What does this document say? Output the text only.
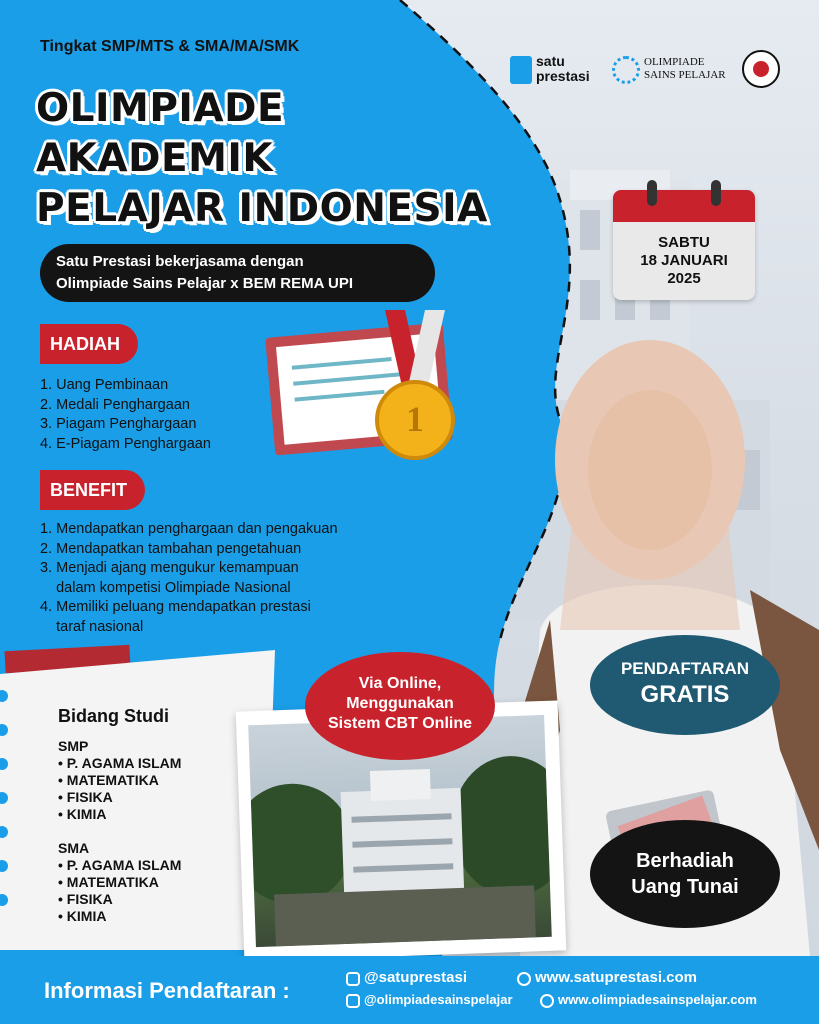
Tingkat SMP/MTS & SMA/MA/SMK
OLIMPIADE
AKADEMIK
PELAJAR INDONESIA
satu
prestasi
OLIMPIADE
SAINS PELAJAR
Satu Prestasi bekerjasama dengan
Olimpiade Sains Pelajar x BEM REMA UPI
SABTU
18 JANUARI
2025
HADIAH
1. Uang Pembinaan
2. Medali Penghargaan
3. Piagam Penghargaan
4. E-Piagam Penghargaan
1
BENEFIT
1. Mendapatkan penghargaan dan pengakuan
2. Mendapatkan tambahan pengetahuan
3. Menjadi ajang mengukur kemampuan
dalam kompetisi Olimpiade Nasional
4. Memiliki peluang mendapatkan prestasi
taraf nasional
Bidang Studi
SMP
• P. AGAMA ISLAM
• MATEMATIKA
• FISIKA
• KIMIA
SMA
• P. AGAMA ISLAM
• MATEMATIKA
• FISIKA
• KIMIA
Via Online,
Menggunakan
Sistem CBT Online
PENDAFTARAN
GRATIS
Berhadiah
Uang Tunai
Informasi Pendaftaran :
@satuprestasi	www.satuprestasi.com
@olimpiadesainspelajar	www.olimpiadesainspelajar.com
